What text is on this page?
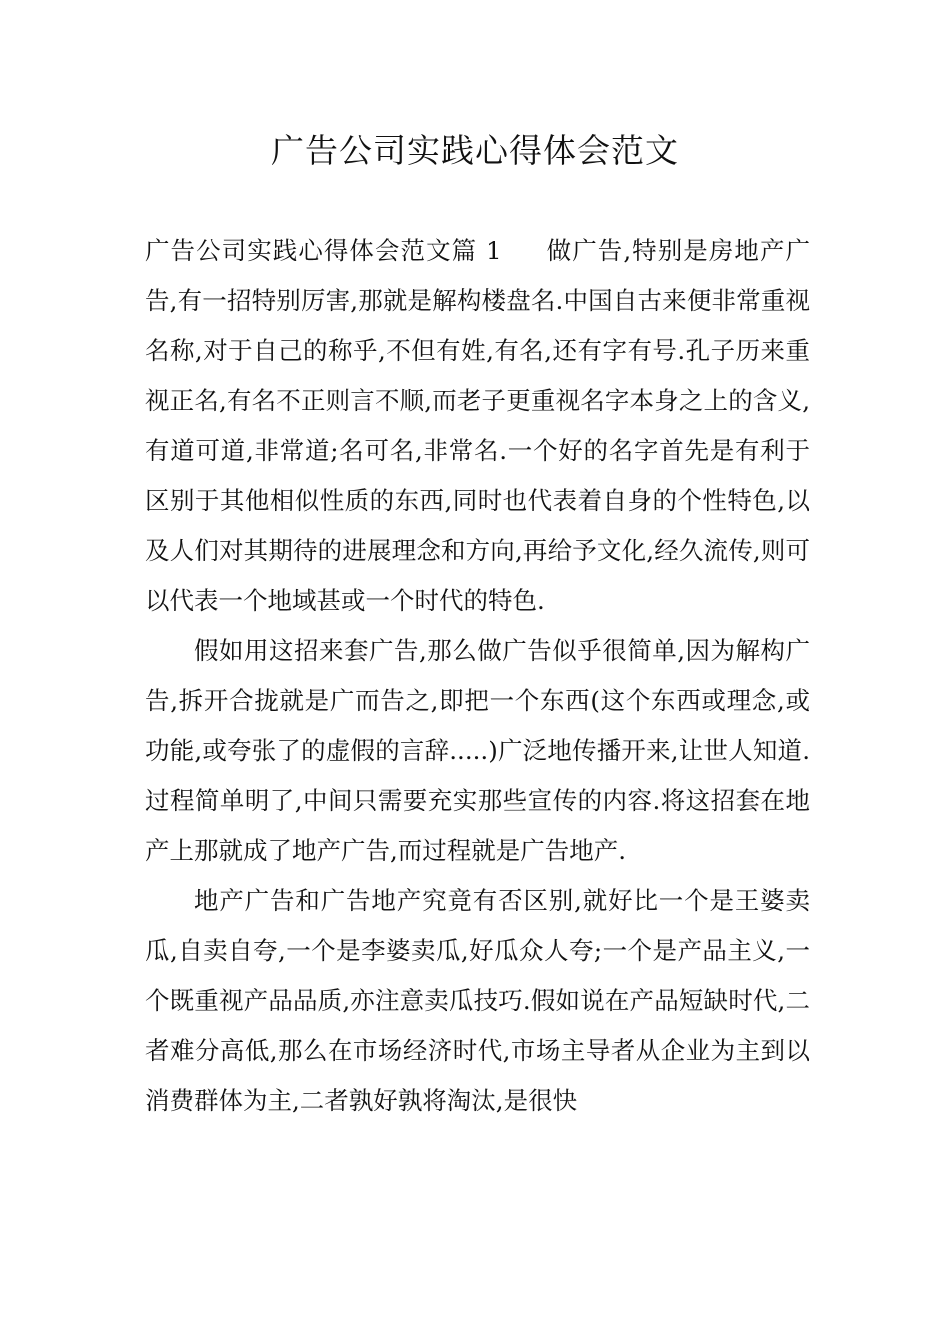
广告公司实践心得体会范文

广告公司实践心得体会范文篇 1 做广告,特别是房地产广告,有一招特别厉害,那就是解构楼盘名.中国自古来便非常重视名称,对于自己的称乎,不但有姓,有名,还有字有号.孔子历来重视正名,有名不正则言不顺,而老子更重视名字本身之上的含义,有道可道,非常道;名可名,非常名.一个好的名字首先是有利于区别于其他相似性质的东西,同时也代表着自身的个性特色,以及人们对其期待的进展理念和方向,再给予文化,经久流传,则可以代表一个地域甚或一个时代的特色.

假如用这招来套广告,那么做广告似乎很简单,因为解构广告,拆开合拢就是广而告之,即把一个东西(这个东西或理念,或功能,或夸张了的虚假的言辞.....)广泛地传播开来,让世人知道.过程简单明了,中间只需要充实那些宣传的内容.将这招套在地产上那就成了地产广告,而过程就是广告地产.

地产广告和广告地产究竟有否区别,就好比一个是王婆卖瓜,自卖自夸,一个是李婆卖瓜,好瓜众人夸;一个是产品主义,一个既重视产品品质,亦注意卖瓜技巧.假如说在产品短缺时代,二者难分高低,那么在市场经济时代,市场主导者从企业为主到以消费群体为主,二者孰好孰将淘汰,是很快
